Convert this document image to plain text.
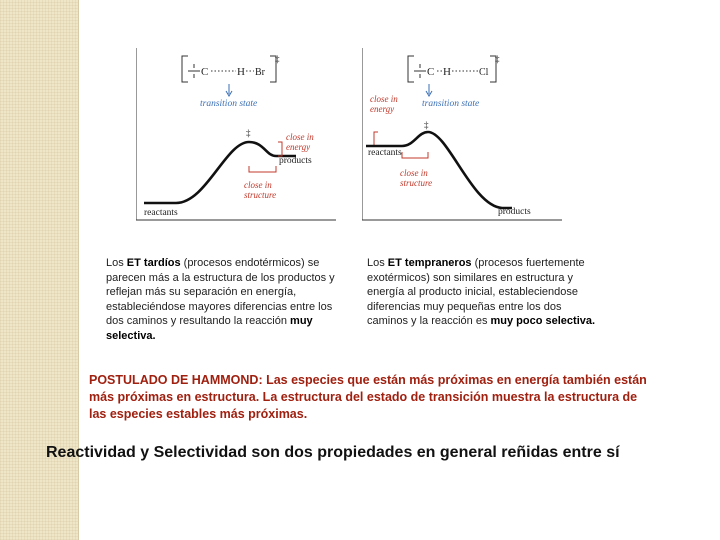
C	H Br
‡
transition state
‡	close in energy
products
close in structure
reactants
C H	Cl
‡
transition state
close in energy
‡
reactants
close in structure
products
Los ET tardíos (procesos endotérmicos) se parecen más a la estructura de los productos y reflejan más su separación en energía, estableciéndose mayores diferencias entre los dos caminos y resultando la reacción muy selectiva.
Los ET tempraneros (procesos fuertemente exotérmicos) son similares en estructura y energía al producto inicial, estableciendose diferencias muy pequeñas entre los dos caminos y la reacción es muy poco selectiva.
POSTULADO DE HAMMOND: Las especies que están más próximas en energía también están más próximas en estructura. La estructura del estado de transición muestra la estructura de las especies estables más próximas.
Reactividad y Selectividad son dos propiedades en general reñidas entre sí
